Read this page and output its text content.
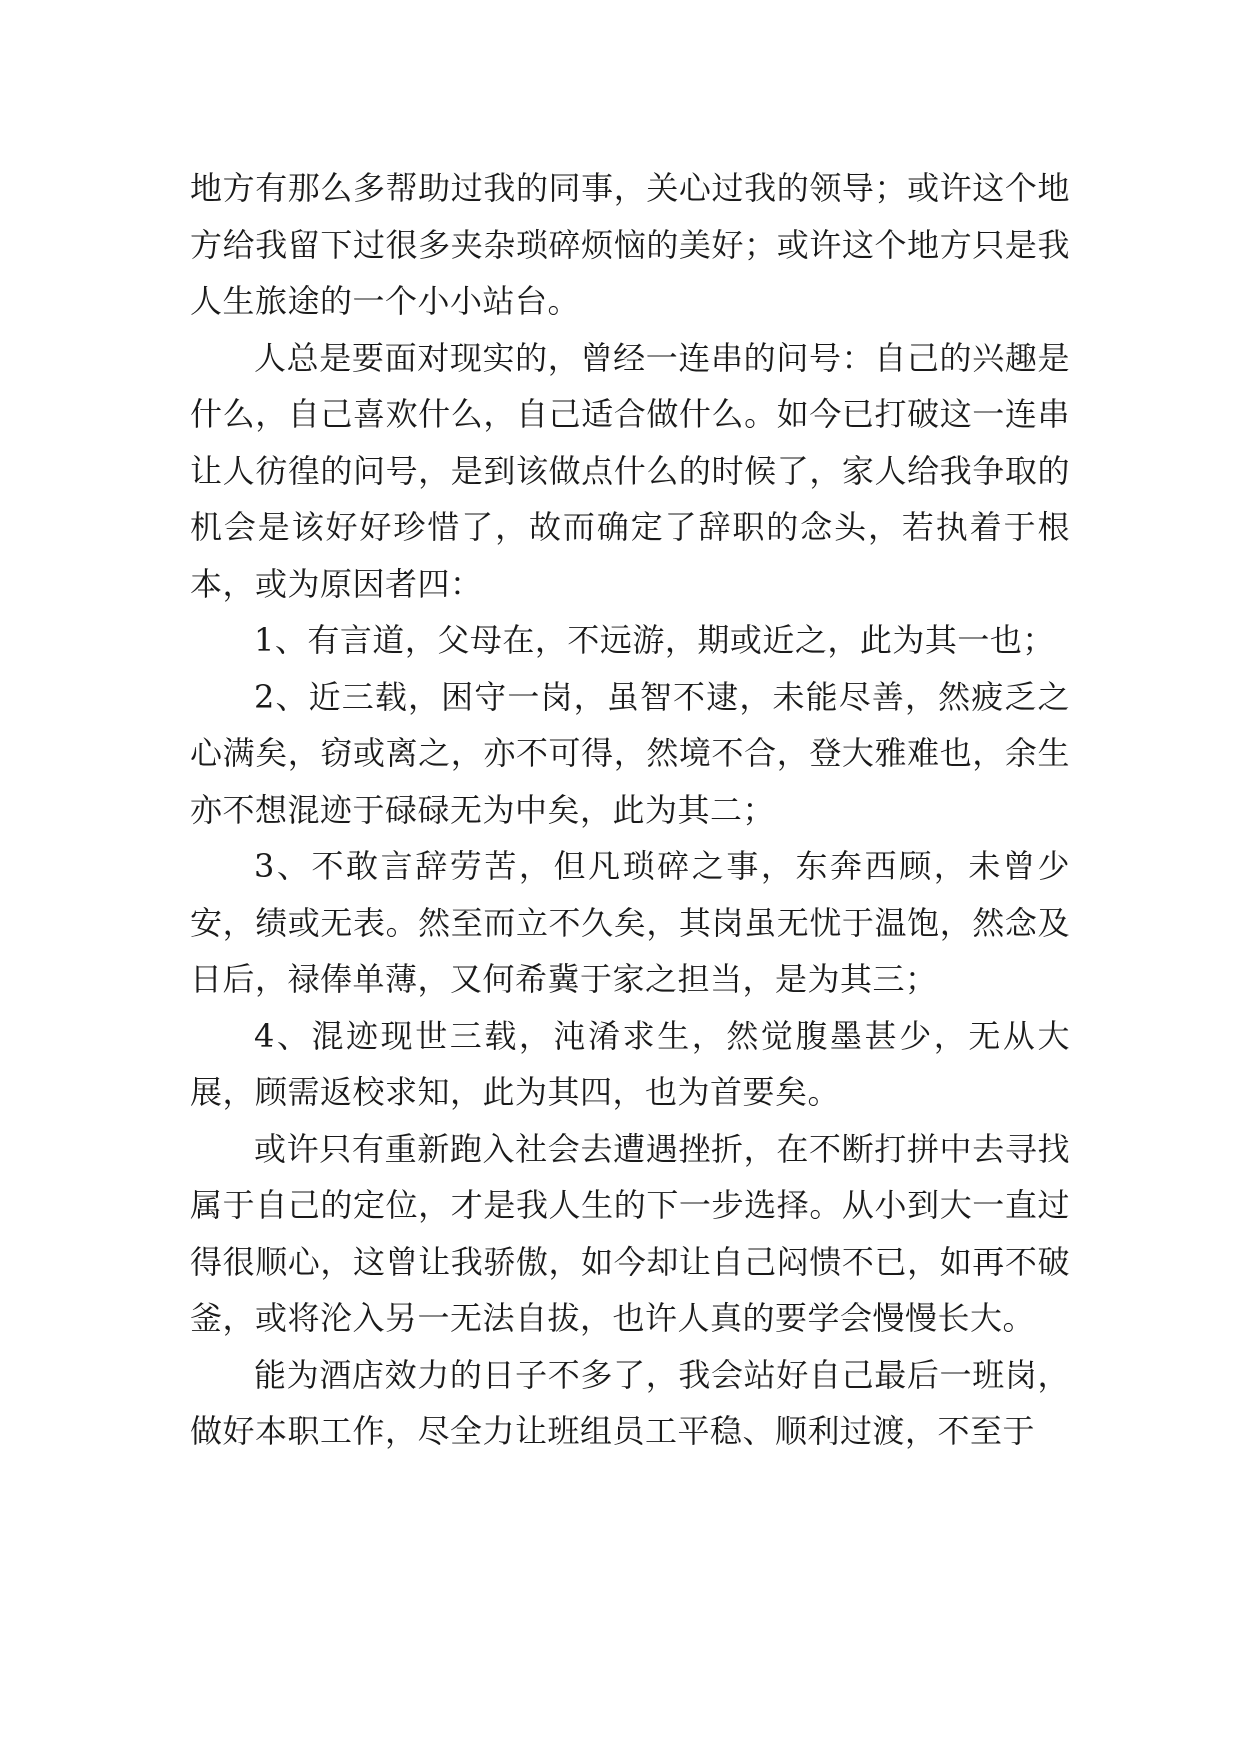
地方有那么多帮助过我的同事，关心过我的领导；或许这个地方给我留下过很多夹杂琐碎烦恼的美好；或许这个地方只是我人生旅途的一个小小站台。

人总是要面对现实的，曾经一连串的问号：自己的兴趣是什么，自己喜欢什么，自己适合做什么。如今已打破这一连串让人彷徨的问号，是到该做点什么的时候了，家人给我争取的机会是该好好珍惜了，故而确定了辞职的念头，若执着于根本，或为原因者四：

1、有言道，父母在，不远游，期或近之，此为其一也；

2、近三载，困守一岗，虽智不逮，未能尽善，然疲乏之心满矣，窃或离之，亦不可得，然境不合，登大雅难也，余生亦不想混迹于碌碌无为中矣，此为其二；

3、不敢言辞劳苦，但凡琐碎之事，东奔西顾，未曾少安，绩或无表。然至而立不久矣，其岗虽无忧于温饱，然念及日后，禄俸单薄，又何希冀于家之担当，是为其三；

4、混迹现世三载，沌淆求生，然觉腹墨甚少，无从大展，顾需返校求知，此为其四，也为首要矣。

或许只有重新跑入社会去遭遇挫折，在不断打拼中去寻找属于自己的定位，才是我人生的下一步选择。从小到大一直过得很顺心，这曾让我骄傲，如今却让自己闷愦不已，如再不破釜，或将沦入另一无法自拔，也许人真的要学会慢慢长大。

能为酒店效力的日子不多了，我会站好自己最后一班岗，做好本职工作，尽全力让班组员工平稳、顺利过渡，不至于
